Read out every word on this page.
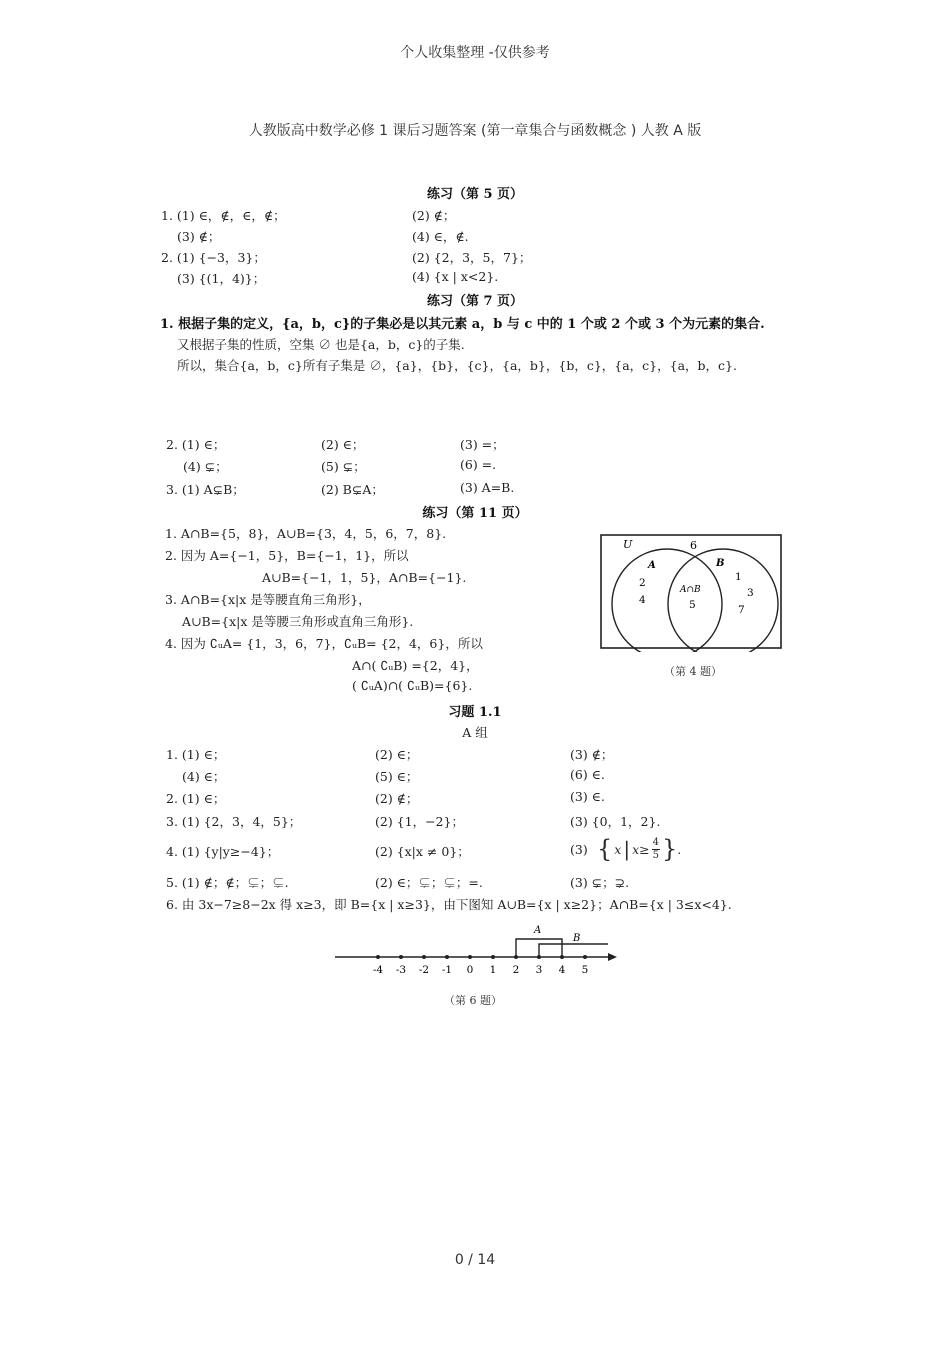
个人收集整理 -仅供参考
人教版高中数学必修 1 课后习题答案 (第一章集合与函数概念 ) 人教 A 版
练习（第 5 页）
1. (1) ∈，∉，∈，∉；	(2) ∉；
(3) ∉；	(4) ∈，∉.
2. (1) {−3，3}；	(2) {2，3，5，7}；
(3) {(1，4)}；	(4) {x | x<2}.
练习（第 7 页）
1. 根据子集的定义，{a，b，c}的子集必是以其元素 a，b 与 c 中的 1 个或 2 个或 3 个为元素的集合.
又根据子集的性质，空集 ∅ 也是{a，b，c}的子集.
所以，集合{a，b，c}所有子集是 ∅，{a}，{b}，{c}，{a，b}，{b，c}，{a，c}，{a，b，c}.
2. (1) ∈；	(2) ∈；	(3) =；
(4) ⊊；	(5) ⊊；	(6) =.
3. (1) A⊊B；	(2) B⊊A；	(3) A=B.
练习（第 11 页）
1. A∩B={5，8}，A∪B={3，4，5，6，7，8}.
2. 因为 A={−1，5}，B={−1，1}，所以
A∪B={−1，1，5}，A∩B={−1}.
3. A∩B={x|x 是等腰直角三角形}，
A∪B={x|x 是等腰三角形或直角三角形}.
4. 因为 ∁ᵤA= {1，3，6，7}，∁ᵤB= {2，4，6}，所以
A∩( ∁ᵤB) ={2，4}，
( ∁ᵤA)∩( ∁ᵤB)={6}.
U	6
A	B
2
4
A∩B
5
1
3
7
（第 4 题）
习题 1.1
A 组
1. (1) ∈；	(2) ∈；	(3) ∉；
(4) ∈；	(5) ∈；	(6) ∈.
2. (1) ∈；	(2) ∉；	(3) ∈.
3. (1) {2，3，4，5}；	(2) {1，−2}；	(3) {0，1，2}.
4. (1) {y|y≥−4}；	(2) {x|x ≠ 0}；	(3) { x | $x\ge \frac{4}{5}$ } .
5. (1) ∉；∉；⊊；⊊.	(2) ∈；⊊；⊊；=.	(3) ⊊；⊋.
6. 由 3x−7≥8−2x 得 x≥3，即 B={x | x≥3}，由下图知 A∪B={x | x≥2}；A∩B={x | 3≤x<4}.
-4 -3 -2 -1 0 1 2 3 4 5
A
B
（第 6 题）
0 / 14
